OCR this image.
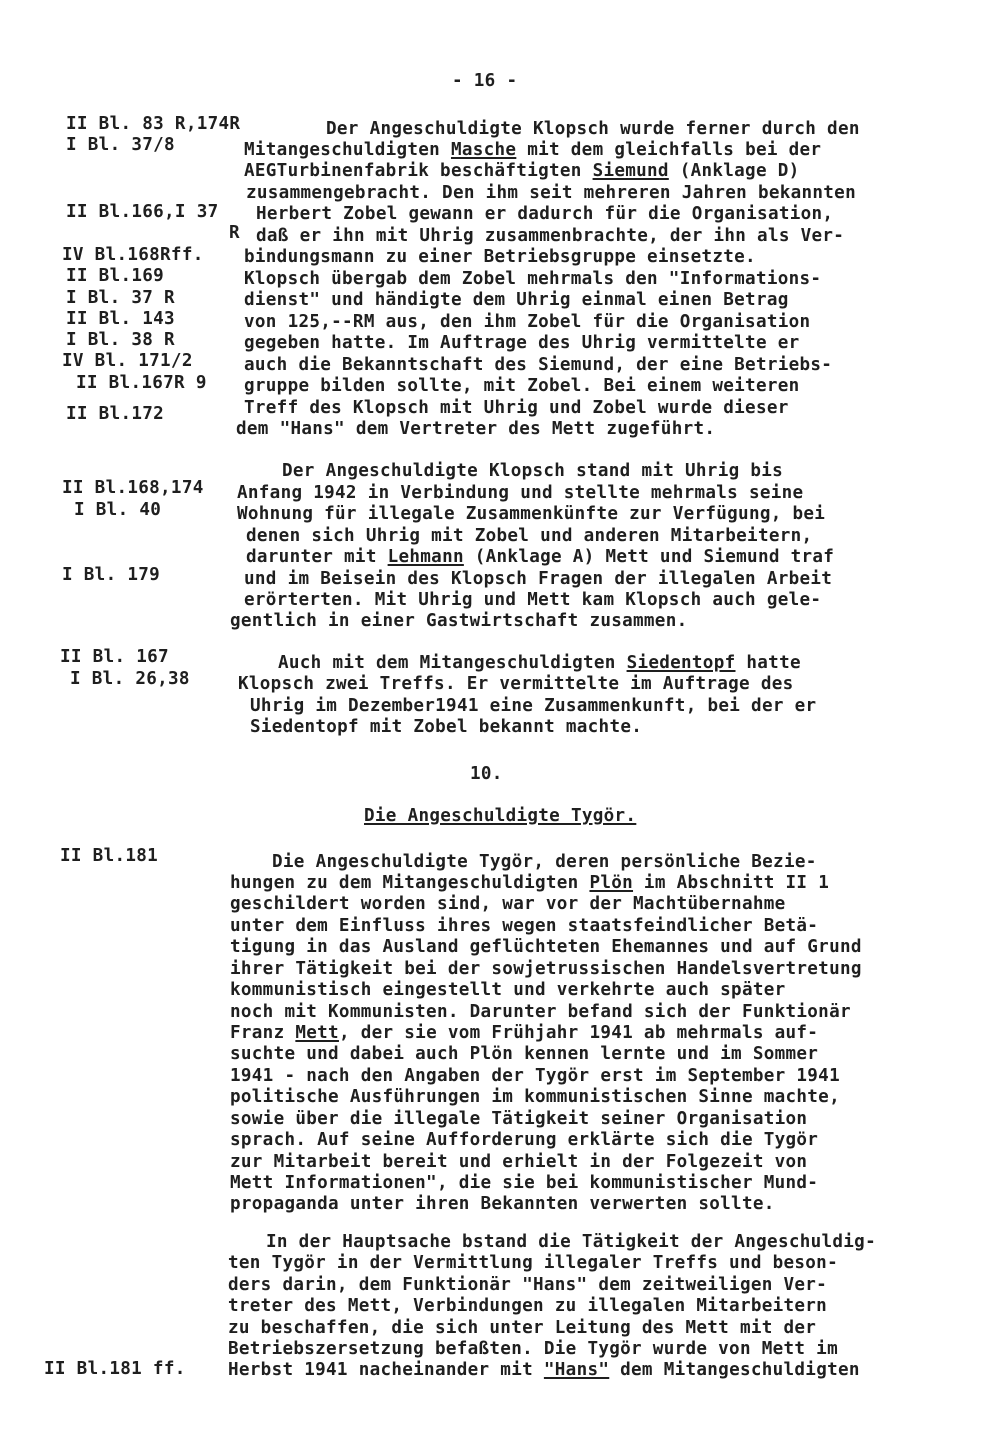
- 16 -
II Bl. 83 R,174R
I Bl. 37/8
II Bl.166,I 37
R
IV Bl.168Rff.
II Bl.169
I Bl. 37 R
II Bl. 143
I Bl. 38 R
IV Bl. 171/2
II Bl.167R 9
II Bl.172
Der Angeschuldigte Klopsch wurde ferner durch den
Mitangeschuldigten Masche mit dem gleichfalls bei der
AEGTurbinenfabrik beschäftigten Siemund (Anklage D)
zusammengebracht. Den ihm seit mehreren Jahren bekannten
Herbert Zobel gewann er dadurch für die Organisation,
daß er ihn mit Uhrig zusammenbrachte, der ihn als Ver-
bindungsmann zu einer Betriebsgruppe einsetzte.
Klopsch übergab dem Zobel mehrmals den "Informations-
dienst" und händigte dem Uhrig einmal einen Betrag
von 125,--RM aus, den ihm Zobel für die Organisation
gegeben hatte. Im Auftrage des Uhrig vermittelte er
auch die Bekanntschaft des Siemund, der eine Betriebs-
gruppe bilden sollte, mit Zobel. Bei einem weiteren
Treff des Klopsch mit Uhrig und Zobel wurde dieser
dem "Hans" dem Vertreter des Mett zugeführt.
II Bl.168,174
I Bl. 40
I Bl. 179
Der Angeschuldigte Klopsch stand mit Uhrig bis
Anfang 1942 in Verbindung und stellte mehrmals seine
Wohnung für illegale Zusammenkünfte zur Verfügung, bei
denen sich Uhrig mit Zobel und anderen Mitarbeitern,
darunter mit Lehmann (Anklage A) Mett und Siemund traf
und im Beisein des Klopsch Fragen der illegalen Arbeit
erörterten. Mit Uhrig und Mett kam Klopsch auch gele-
gentlich in einer Gastwirtschaft zusammen.
II Bl. 167
I Bl. 26,38
Auch mit dem Mitangeschuldigten Siedentopf hatte
Klopsch zwei Treffs. Er vermittelte im Auftrage des
Uhrig im Dezember1941 eine Zusammenkunft, bei der er
Siedentopf mit Zobel bekannt machte.
10.
Die Angeschuldigte Tygör.
II Bl.181	Die Angeschuldigte Tygör, deren persönliche Bezie-
hungen zu dem Mitangeschuldigten Plön im Abschnitt II 1
geschildert worden sind, war vor der Machtübernahme
unter dem Einfluss ihres wegen staatsfeindlicher Betä-
tigung in das Ausland geflüchteten Ehemannes und auf Grund
ihrer Tätigkeit bei der sowjetrussischen Handelsvertretung
kommunistisch eingestellt und verkehrte auch später
noch mit Kommunisten. Darunter befand sich der Funktionär
Franz Mett, der sie vom Frühjahr 1941 ab mehrmals auf-
suchte und dabei auch Plön kennen lernte und im Sommer
1941 - nach den Angaben der Tygör erst im September 1941
politische Ausführungen im kommunistischen Sinne machte,
sowie über die illegale Tätigkeit seiner Organisation
sprach. Auf seine Aufforderung erklärte sich die Tygör
zur Mitarbeit bereit und erhielt in der Folgezeit von
Mett Informationen", die sie bei kommunistischer Mund-
propaganda unter ihren Bekannten verwerten sollte.
In der Hauptsache bstand die Tätigkeit der Angeschuldig-
ten Tygör in der Vermittlung illegaler Treffs und beson-
ders darin, dem Funktionär "Hans" dem zeitweiligen Ver-
treter des Mett, Verbindungen zu illegalen Mitarbeitern
zu beschaffen, die sich unter Leitung des Mett mit der
Betriebszersetzung befaßten. Die Tygör wurde von Mett im
II Bl.181 ff. Herbst 1941 nacheinander mit "Hans" dem Mitangeschuldigten
